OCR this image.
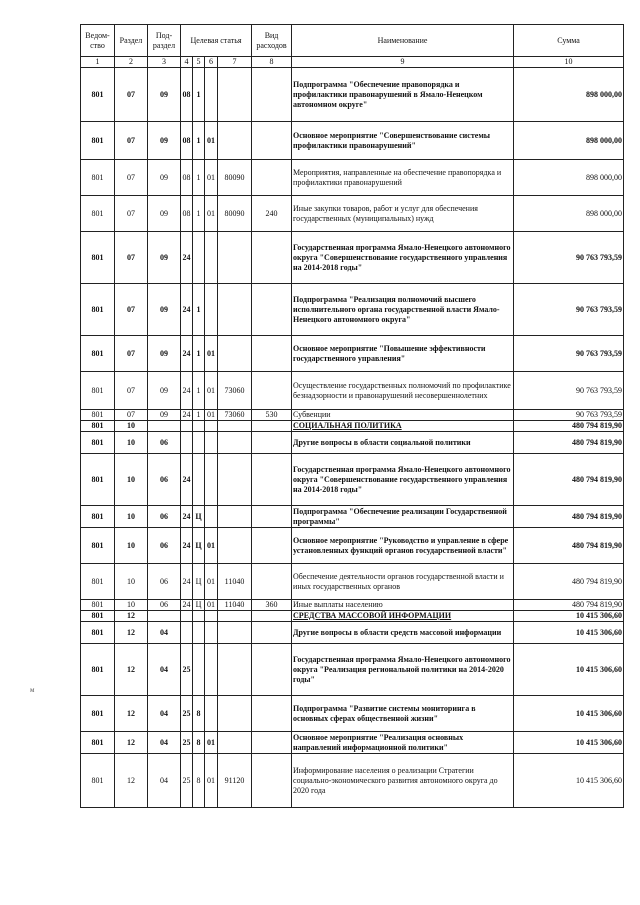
м
Ведом-ство	Раздел	Под-раздел	Целевая статья				Вид расходов	Наименование	Сумма
1	2	3	4	5	6	7	8	9	10
801	07	09	08	1				Подпрограмма "Обеспечение правопорядка и профилактики правонарушений в Ямало-Ненецком автономном округе"	898 000,00
801	07	09	08	1	01			Основное мероприятие "Совершенствование системы профилактики правонарушений"	898 000,00
801	07	09	08	1	01	80090		Мероприятия, направленные на обеспечение правопорядка и профилактики правонарушений	898 000,00
801	07	09	08	1	01	80090	240	Иные закупки товаров, работ и услуг для обеспечения государственных (муниципальных) нужд	898 000,00
801	07	09	24					Государственная программа Ямало-Ненецкого автономного округа "Совершенствование государственного управления на 2014-2018 годы"	90 763 793,59
801	07	09	24	1				Подпрограмма "Реализация полномочий высшего исполнительного органа государственной власти Ямало-Ненецкого автономного округа"	90 763 793,59
801	07	09	24	1	01			Основное мероприятие "Повышение эффективности государственного управления"	90 763 793,59
801	07	09	24	1	01	73060		Осуществление государственных полномочий по профилактике безнадзорности и правонарушений несовершеннолетних	90 763 793,59
801	07	09	24	1	01	73060	530	Субвенции	90 763 793,59
801	10							СОЦИАЛЬНАЯ ПОЛИТИКА	480 794 819,90
801	10	06						Другие вопросы в области социальной политики	480 794 819,90
801	10	06	24					Государственная программа Ямало-Ненецкого автономного округа "Совершенствование государственного управления на 2014-2018 годы"	480 794 819,90
801	10	06	24	Ц				Подпрограмма "Обеспечение реализации Государственной программы"	480 794 819,90
801	10	06	24	Ц	01			Основное мероприятие "Руководство и управление в сфере установленных функций органов государственной власти"	480 794 819,90
801	10	06	24	Ц	01	11040		Обеспечение деятельности органов государственной власти и иных государственных органов	480 794 819,90
801	10	06	24	Ц	01	11040	360	Иные выплаты населению	480 794 819,90
801	12							СРЕДСТВА МАССОВОЙ ИНФОРМАЦИИ	10 415 306,60
801	12	04						Другие вопросы в области средств массовой информации	10 415 306,60
801	12	04	25					Государственная программа Ямало-Ненецкого автономного округа "Реализация региональной политики на 2014-2020 годы"	10 415 306,60
801	12	04	25	8				Подпрограмма "Развитие системы мониторинга в основных сферах общественной жизни"	10 415 306,60
801	12	04	25	8	01			Основное мероприятие "Реализация основных направлений информационной политики"	10 415 306,60
801	12	04	25	8	01	91120		Информирование населения о реализации Стратегии социально-экономического развития автономного округа до 2020 года	10 415 306,60
